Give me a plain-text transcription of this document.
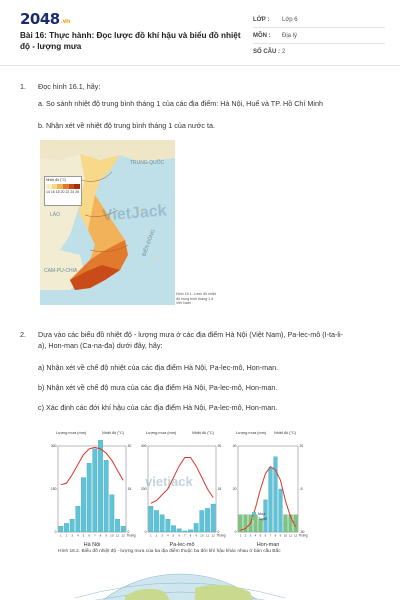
2048.vn
Bài 16: Thực hành: Đọc lược đồ khí hậu và biểu đồ nhiệt độ - lượng mưa
LỚP :	Lớp 6
MÔN :	Địa lý
SỐ CÂU : 2
1. Đọc hình 16.1, hãy:
a. So sánh nhiệt độ trung bình tháng 1 của các địa điểm: Hà Nội, Huế và TP. Hồ Chí Minh
b. Nhận xét về nhiệt độ trung bình tháng 1 của nước ta.
Nhiệt độ (°C)
14 16 18 20 22 24 26
TRUNG QUỐC
LÀO
CAM-PU-CHIA
BIỂN ĐÔNG
VietJack
Hình 16.1. Lược đồ nhiệt độ trung bình tháng 1 ở Việt Nam
2. Dựa vào các biểu đồ nhiệt độ - lượng mưa ở các địa điểm Hà Nội (Việt Nam), Pa-lec-mô (I-ta-li-
a), Hon-man (Ca-na-đa) dưới đây, hãy:
a) Nhận xét về chế độ nhiệt của các địa điểm Hà Nội, Pa-lec-mô, Hon-man.
b) Nhận xét về chế độ mưa của các địa điểm Hà Nội, Pa-lec-mô, Hon-man.
c) Xác định các đới khí hậu của các địa điểm Hà Nội, Pa-lec-mô, Hon-man.
Lượng mưa (mm)	Nhiệt độ (°C)
1 2 3 4 5 6 7 8 9 10 11 12 Tháng
0
150
300
0
15
30
Hà Nội
Lượng mưa (mm)	Nhiệt độ (°C)
1 2 3 4 5 6 7 8 9 10 11 12 Tháng
0
200
400
0
15
30
Pa-lec-mô
Lượng mưa (mm) Nhiệt độ (°C)
1 2 3 4 5 6 7 8 9 10 11 12 Tháng
0
20
40
-30
-5
20
Hon-man
Mưa
Tuyết
vietjack
Hình 16.2. Biểu đồ nhiệt độ - lượng mưa của ba địa điểm thuộc ba đới khí hậu khác nhau ở bán cầu Bắc
